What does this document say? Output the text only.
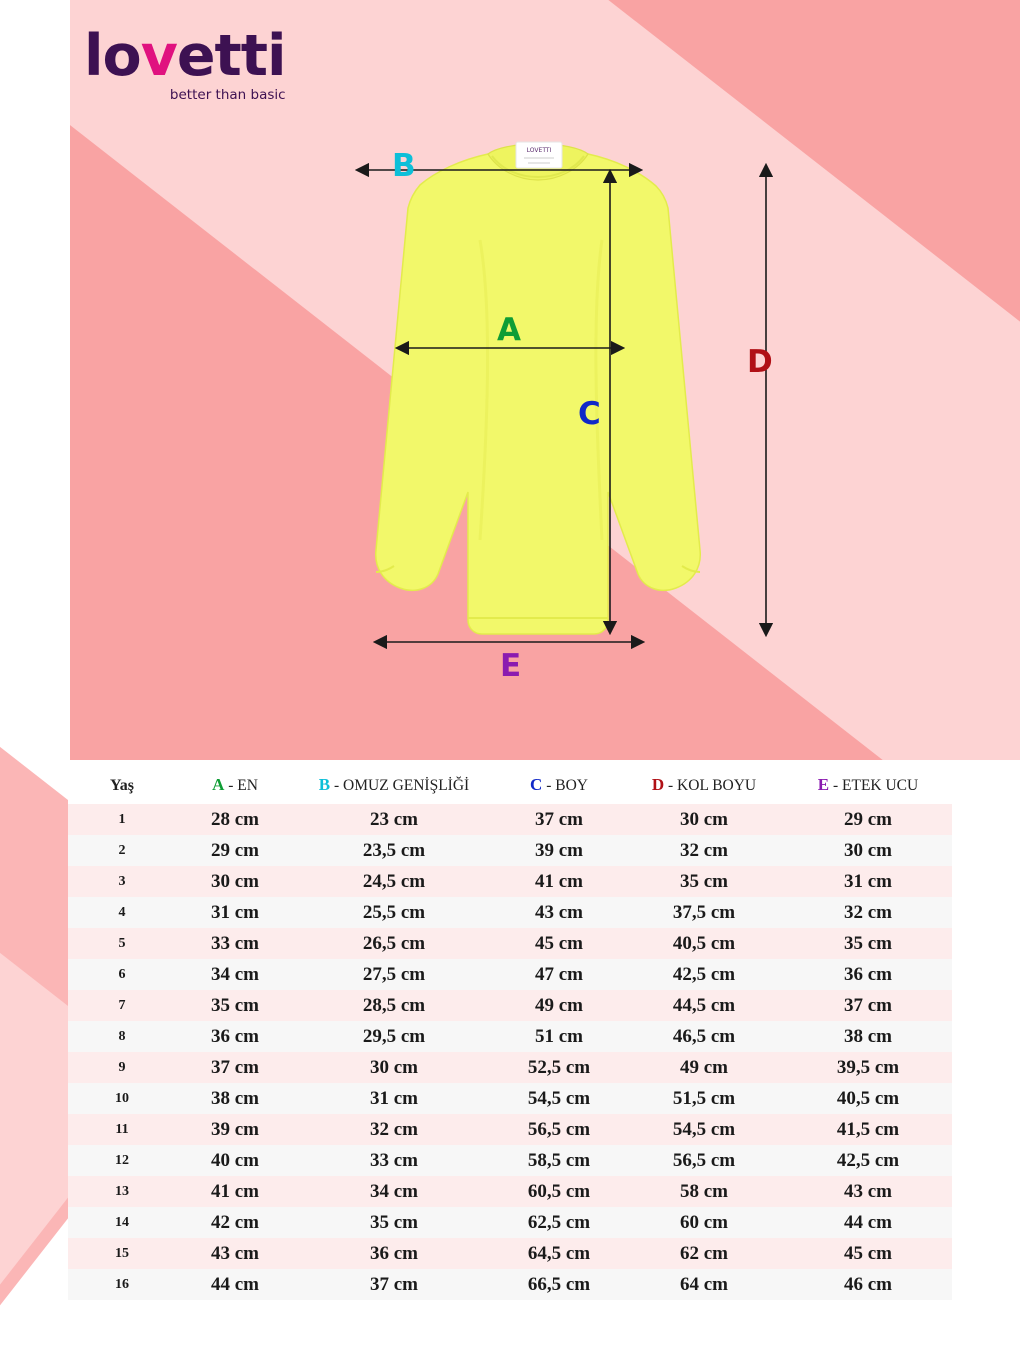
lovetti
better than basic
LOVETTI
A
B
C
D
E
Yaş	A - EN	B - OMUZ GENİŞLİĞİ	C - BOY	D - KOL BOYU	E - ETEK UCU
1	28 cm	23 cm	37 cm	30 cm	29 cm
2	29 cm	23,5 cm	39 cm	32 cm	30 cm
3	30 cm	24,5 cm	41 cm	35 cm	31 cm
4	31 cm	25,5 cm	43 cm	37,5 cm	32 cm
5	33 cm	26,5 cm	45 cm	40,5 cm	35 cm
6	34 cm	27,5 cm	47 cm	42,5 cm	36 cm
7	35 cm	28,5 cm	49 cm	44,5 cm	37 cm
8	36 cm	29,5 cm	51 cm	46,5 cm	38 cm
9	37 cm	30 cm	52,5 cm	49 cm	39,5 cm
10	38 cm	31 cm	54,5 cm	51,5 cm	40,5 cm
11	39 cm	32 cm	56,5 cm	54,5 cm	41,5 cm
12	40 cm	33 cm	58,5 cm	56,5 cm	42,5 cm
13	41 cm	34 cm	60,5 cm	58 cm	43 cm
14	42 cm	35 cm	62,5 cm	60 cm	44 cm
15	43 cm	36 cm	64,5 cm	62 cm	45 cm
16	44 cm	37 cm	66,5 cm	64 cm	46 cm
